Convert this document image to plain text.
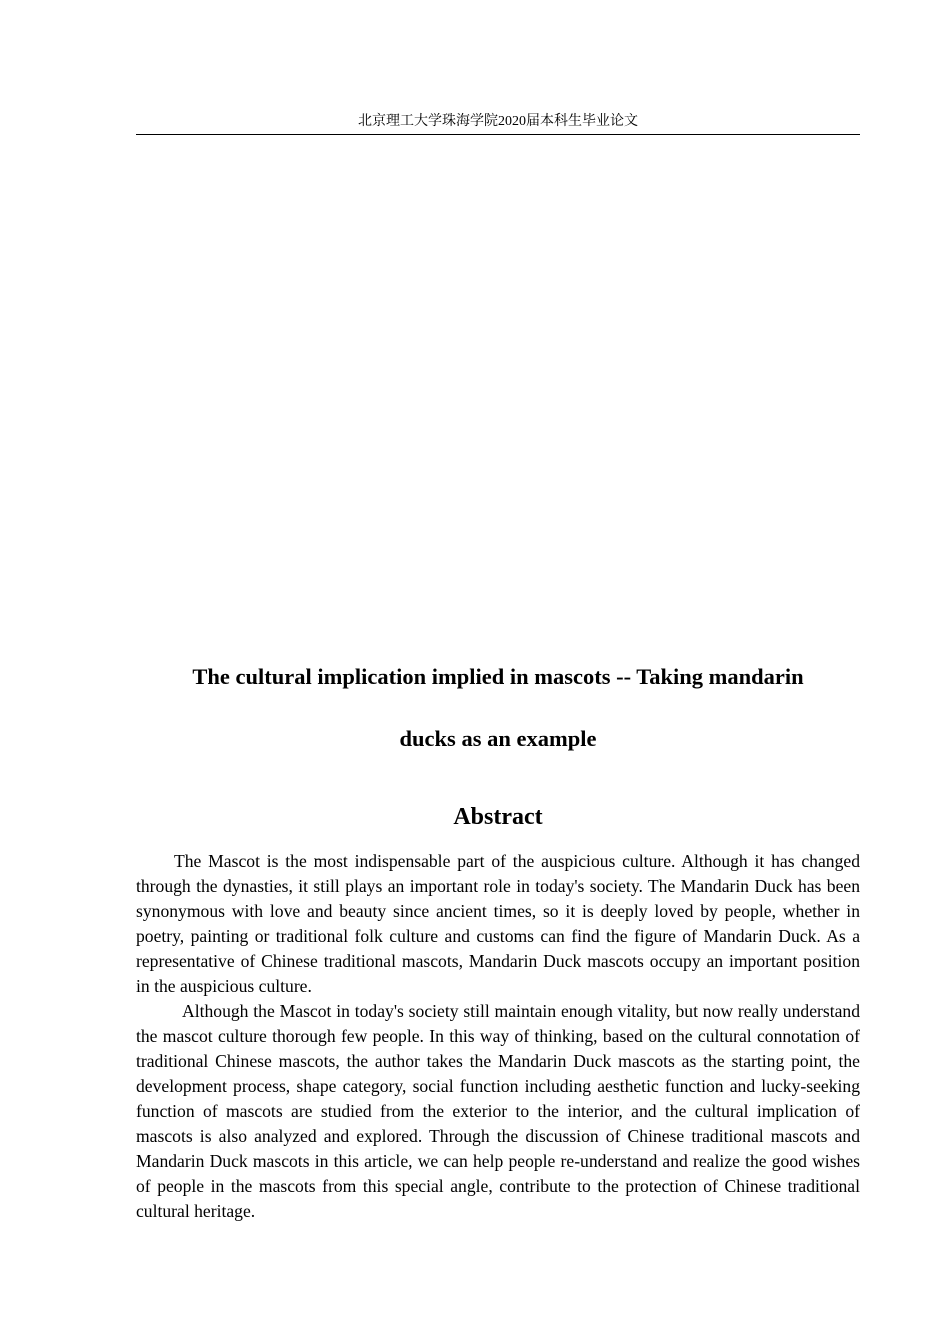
北京理工大学珠海学院2020届本科生毕业论文
The cultural implication implied in mascots -- Taking mandarin
ducks as an example
Abstract

The Mascot is the most indispensable part of the auspicious culture. Although it has changed through the dynasties, it still plays an important role in today's society. The Mandarin Duck has been synonymous with love and beauty since ancient times, so it is deeply loved by people, whether in poetry, painting or traditional folk culture and customs can find the figure of Mandarin Duck. As a representative of Chinese traditional mascots, Mandarin Duck mascots occupy an important position in the auspicious culture.

Although the Mascot in today's society still maintain enough vitality, but now really understand the mascot culture thorough few people. In this way of thinking, based on the cultural connotation of traditional Chinese mascots, the author takes the Mandarin Duck mascots as the starting point, the development process, shape category, social function including aesthetic function and lucky-seeking function of mascots are studied from the exterior to the interior, and the cultural implication of mascots is also analyzed and explored. Through the discussion of Chinese traditional mascots and Mandarin Duck mascots in this article, we can help people re-understand and realize the good wishes of people in the mascots from this special angle, contribute to the protection of Chinese traditional cultural heritage.
